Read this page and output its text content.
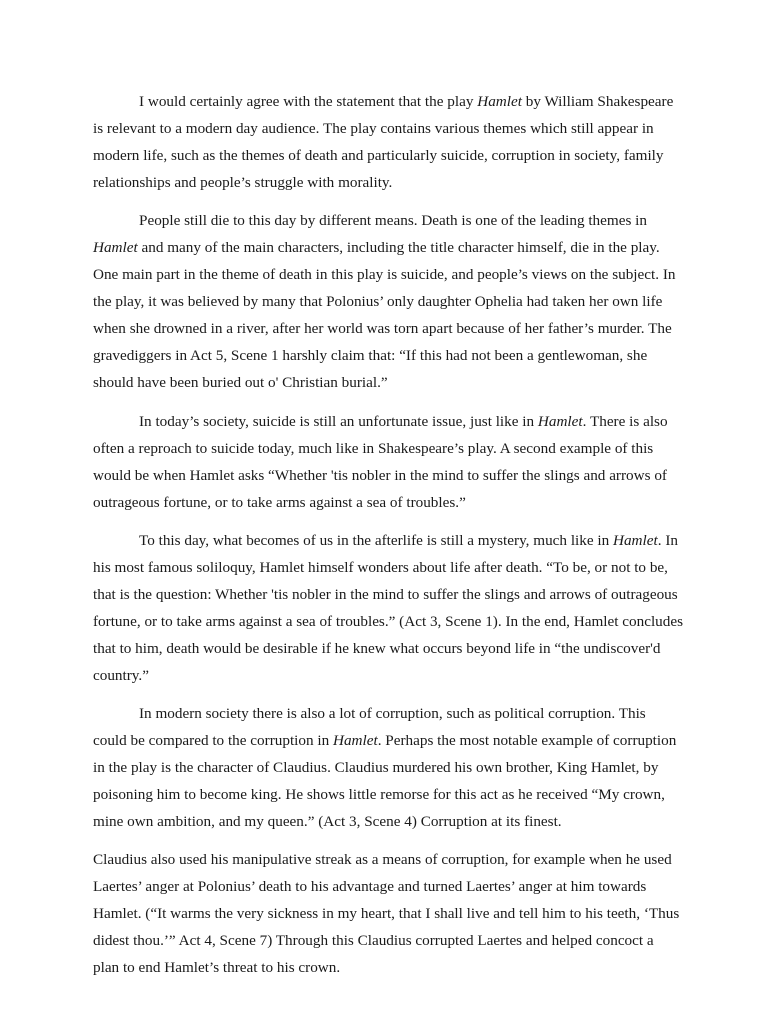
I would certainly agree with the statement that the play Hamlet by William Shakespeare is relevant to a modern day audience. The play contains various themes which still appear in modern life, such as the themes of death and particularly suicide, corruption in society, family relationships and people’s struggle with morality.

People still die to this day by different means. Death is one of the leading themes in Hamlet and many of the main characters, including the title character himself, die in the play. One main part in the theme of death in this play is suicide, and people’s views on the subject. In the play, it was believed by many that Polonius’ only daughter Ophelia had taken her own life when she drowned in a river, after her world was torn apart because of her father’s murder. The gravediggers in Act 5, Scene 1 harshly claim that: “If this had not been a gentlewoman, she should have been buried out o' Christian burial.”

In today’s society, suicide is still an unfortunate issue, just like in Hamlet. There is also often a reproach to suicide today, much like in Shakespeare’s play. A second example of this would be when Hamlet asks “Whether 'tis nobler in the mind to suffer the slings and arrows of outrageous fortune, or to take arms against a sea of troubles.”

To this day, what becomes of us in the afterlife is still a mystery, much like in Hamlet. In his most famous soliloquy, Hamlet himself wonders about life after death. “To be, or not to be, that is the question: Whether 'tis nobler in the mind to suffer the slings and arrows of outrageous fortune, or to take arms against a sea of troubles.” (Act 3, Scene 1). In the end, Hamlet concludes that to him, death would be desirable if he knew what occurs beyond life in “the undiscover'd country.”

In modern society there is also a lot of corruption, such as political corruption. This could be compared to the corruption in Hamlet. Perhaps the most notable example of corruption in the play is the character of Claudius. Claudius murdered his own brother, King Hamlet, by poisoning him to become king. He shows little remorse for this act as he received “My crown, mine own ambition, and my queen.” (Act 3, Scene 4) Corruption at its finest.

Claudius also used his manipulative streak as a means of corruption, for example when he used Laertes’ anger at Polonius’ death to his advantage and turned Laertes’ anger at him towards Hamlet. (“It warms the very sickness in my heart, that I shall live and tell him to his teeth, ‘Thus didest thou.’” Act 4, Scene 7) Through this Claudius corrupted Laertes and helped concoct a plan to end Hamlet’s threat to his crown.
